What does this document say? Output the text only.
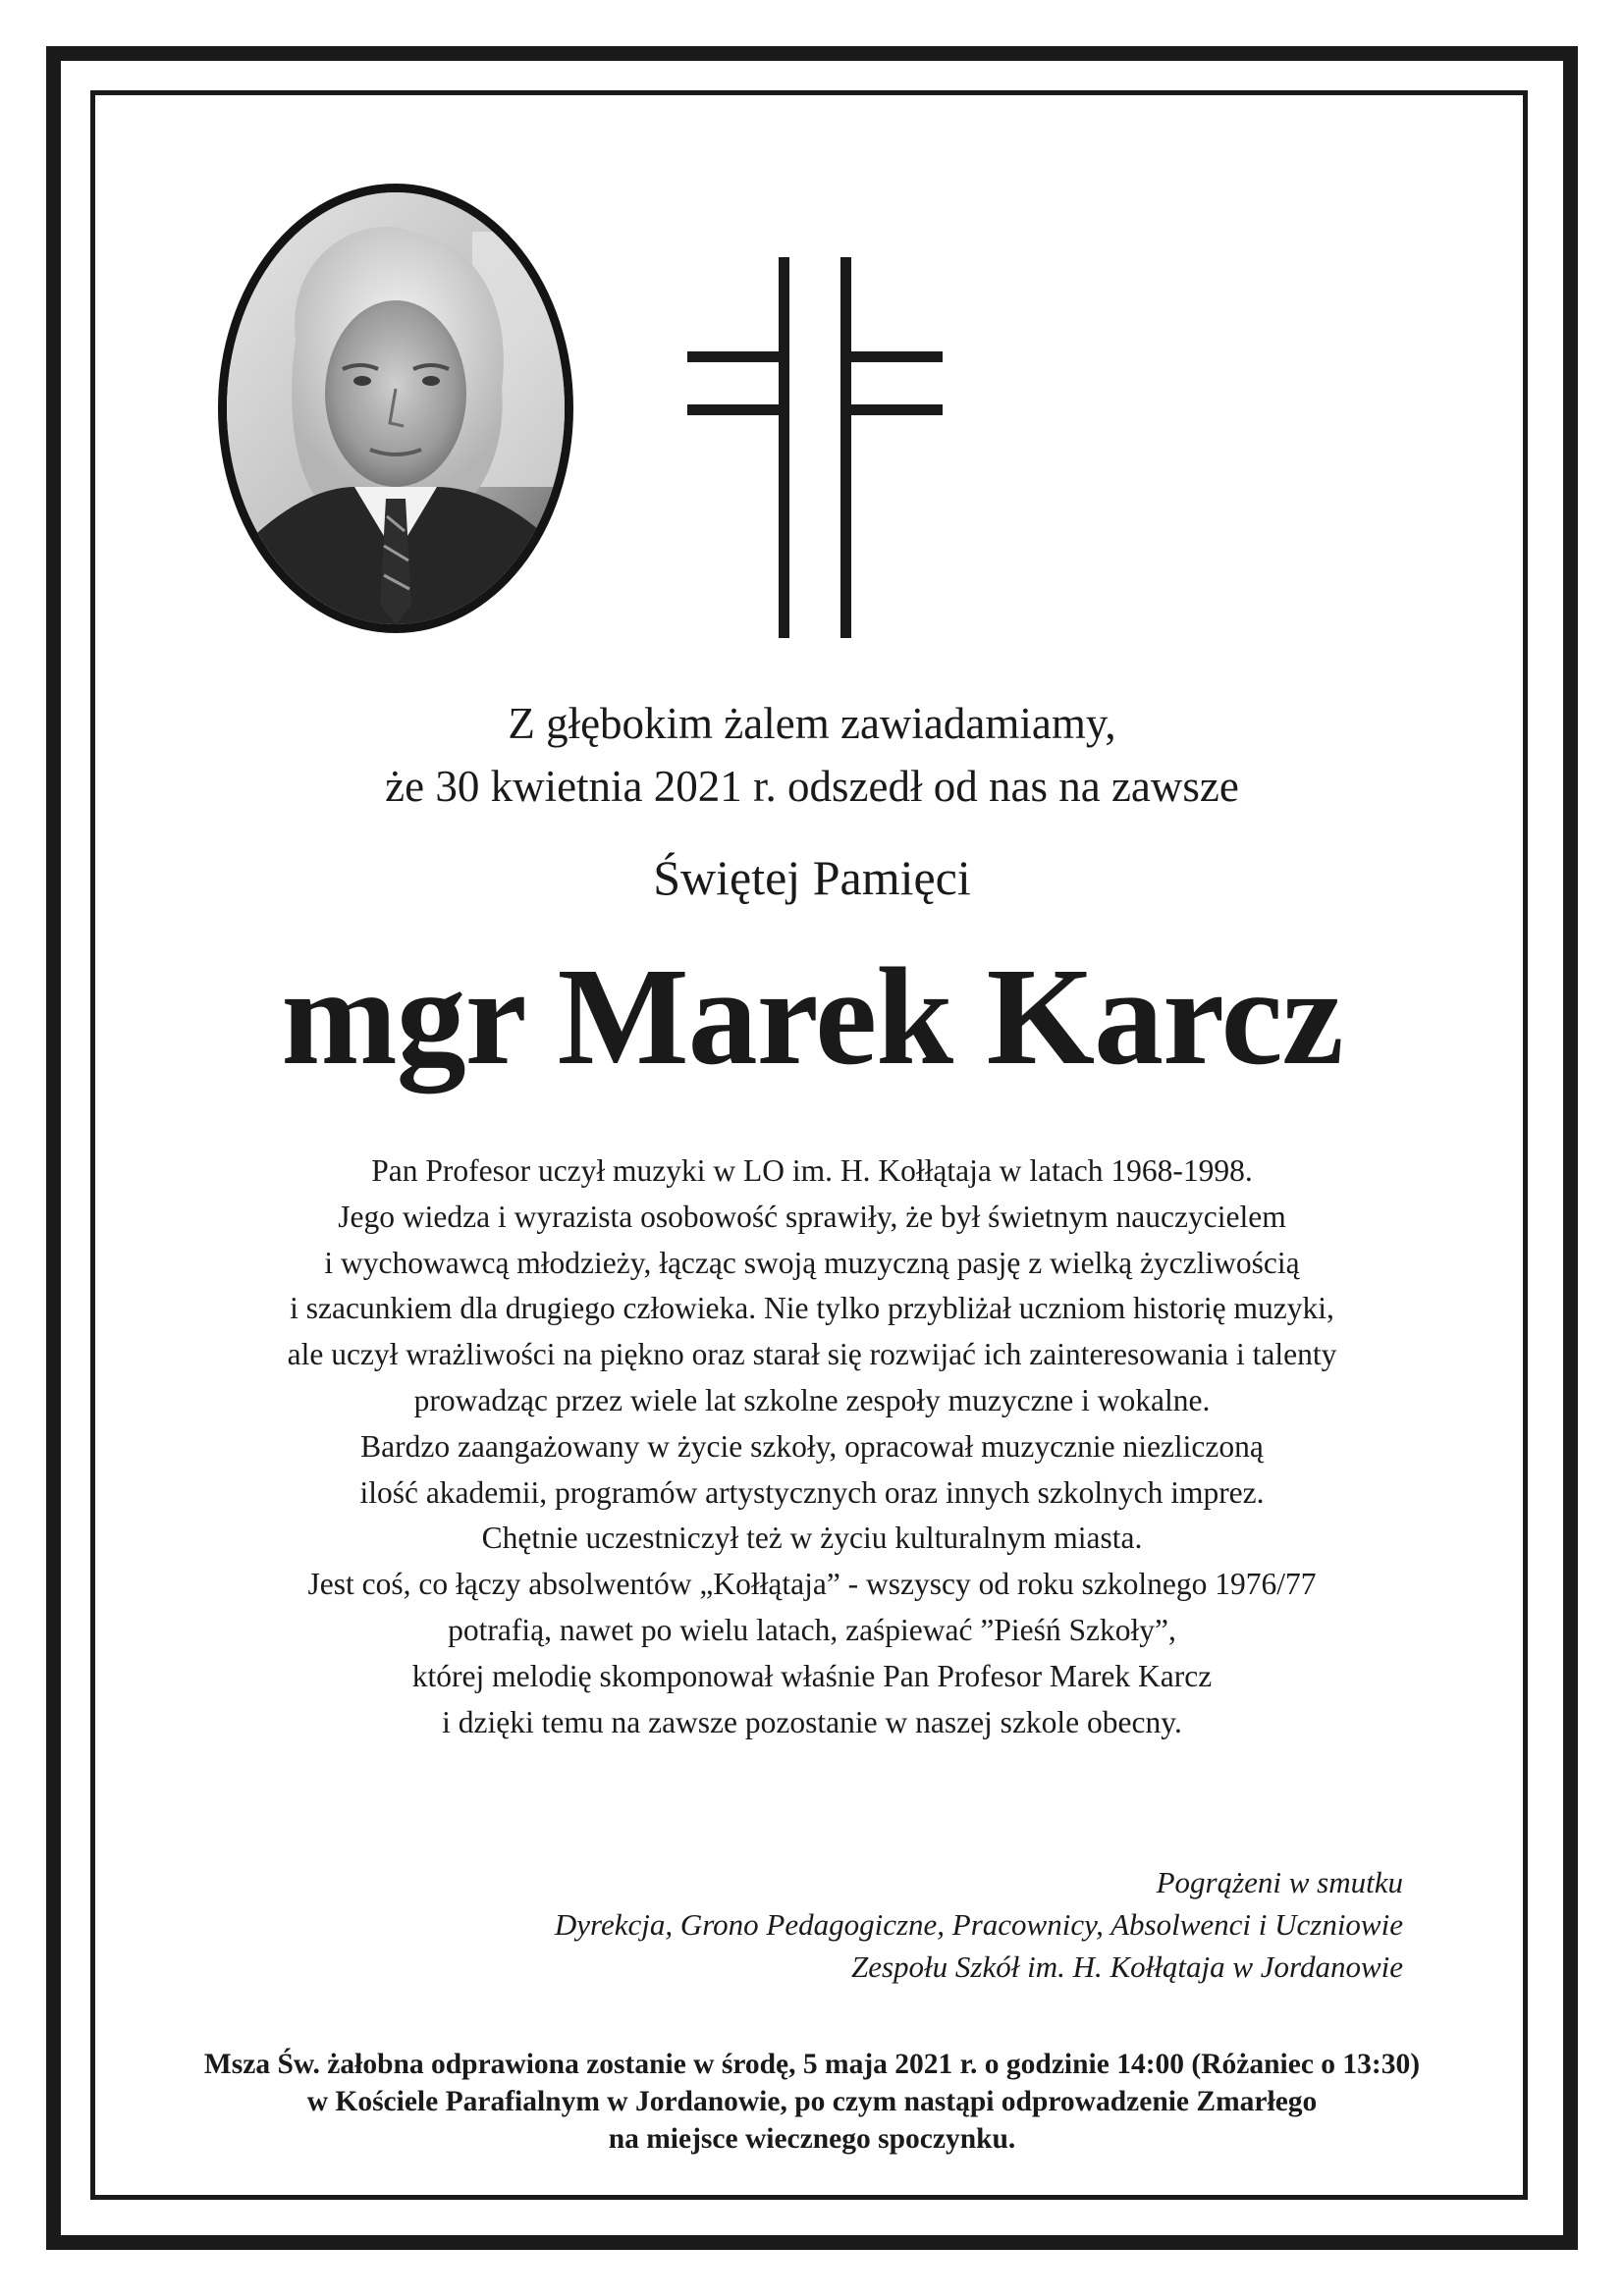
Z głębokim żalem zawiadamiamy,
że 30 kwietnia 2021 r. odszedł od nas na zawsze
Świętej Pamięci
mgr Marek Karcz
Pan Profesor uczył muzyki w LO im. H. Kołłątaja w latach 1968-1998.
Jego wiedza i wyrazista osobowość sprawiły, że był świetnym nauczycielem
i wychowawcą młodzieży, łącząc swoją muzyczną pasję z wielką życzliwością
i szacunkiem dla drugiego człowieka. Nie tylko przybliżał uczniom historię muzyki,
ale uczył wrażliwości na piękno oraz starał się rozwijać ich zainteresowania i talenty
prowadząc przez wiele lat szkolne zespoły muzyczne i wokalne.
Bardzo zaangażowany w życie szkoły, opracował muzycznie niezliczoną
ilość akademii, programów artystycznych oraz innych szkolnych imprez.
Chętnie uczestniczył też w życiu kulturalnym miasta.
Jest coś, co łączy absolwentów „Kołłątaja” - wszyscy od roku szkolnego 1976/77
potrafią, nawet po wielu latach, zaśpiewać ”Pieśń Szkoły”,
której melodię skomponował właśnie Pan Profesor Marek Karcz
i dzięki temu na zawsze pozostanie w naszej szkole obecny.
Pogrążeni w smutku
Dyrekcja, Grono Pedagogiczne, Pracownicy, Absolwenci i Uczniowie
Zespołu Szkół im. H. Kołłątaja w Jordanowie
Msza Św. żałobna odprawiona zostanie w środę, 5 maja 2021 r. o godzinie 14:00 (Różaniec o 13:30)
w Kościele Parafialnym w Jordanowie, po czym nastąpi odprowadzenie Zmarłego
na miejsce wiecznego spoczynku.
